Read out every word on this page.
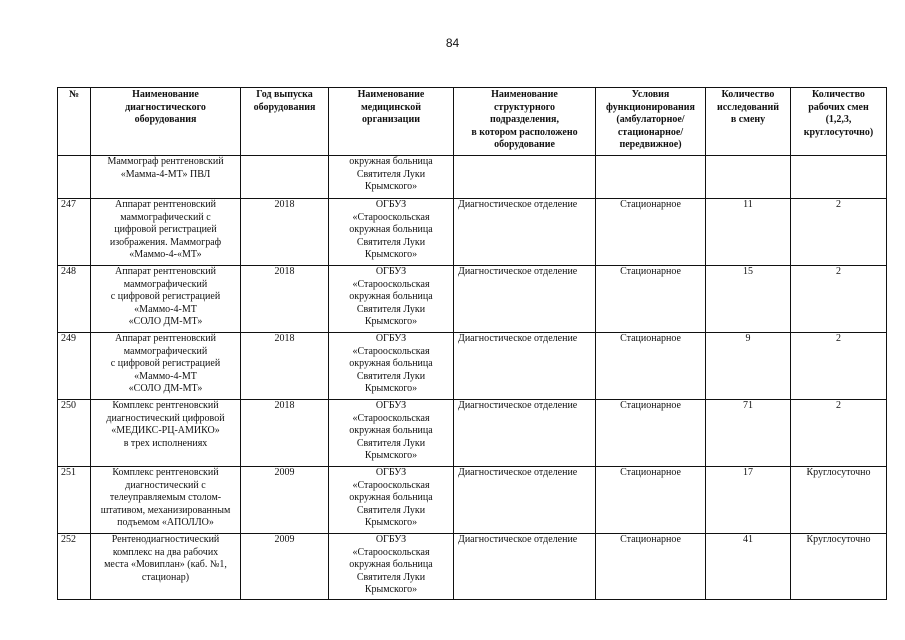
84
№	Наименование
диагностического
оборудования	Год выпуска
оборудования	Наименование
медицинской
организации	Наименование
структурного
подразделения,
в котором расположено
оборудование	Условия
функционирования
(амбулаторное/
стационарное/
передвижное)	Количество
исследований
в смену	Количество
рабочих смен
(1,2,3,
круглосуточно)
	Маммограф рентгеновский
«Мамма-4-МТ» ПВЛ		окружная больница
Святителя Луки
Крымского»				
247	Аппарат рентгеновский
маммографический с
цифровой регистрацией
изображения. Маммограф
«Маммо-4-«МТ»	2018	ОГБУЗ
«Старооскольская
окружная больница
Святителя Луки
Крымского»	Диагностическое отделение	Стационарное	11	2
248	Аппарат рентгеновский
маммографический
с цифровой регистрацией
«Маммо-4-МТ
«СОЛО ДМ-МТ»	2018	ОГБУЗ
«Старооскольская
окружная больница
Святителя Луки
Крымского»	Диагностическое отделение	Стационарное	15	2
249	Аппарат рентгеновский
маммографический
с цифровой регистрацией
«Маммо-4-МТ
«СОЛО ДМ-МТ»	2018	ОГБУЗ
«Старооскольская
окружная больница
Святителя Луки
Крымского»	Диагностическое отделение	Стационарное	9	2
250	Комплекс рентгеновский
диагностический цифровой
«МЕДИКС-РЦ-АМИКО»
в трех исполнениях	2018	ОГБУЗ
«Старооскольская
окружная больница
Святителя Луки
Крымского»	Диагностическое отделение	Стационарное	71	2
251	Комплекс рентгеновский
диагностический с
телеуправляемым столом-
штативом, механизированным
подъемом «АПОЛЛО»	2009	ОГБУЗ
«Старооскольская
окружная больница
Святителя Луки
Крымского»	Диагностическое отделение	Стационарное	17	Круглосуточно
252	Рентенодиагностический
комплекс на два рабочих
места «Мовиплан» (каб. №1,
стационар)	2009	ОГБУЗ
«Старооскольская
окружная больница
Святителя Луки
Крымского»	Диагностическое отделение	Стационарное	41	Круглосуточно
